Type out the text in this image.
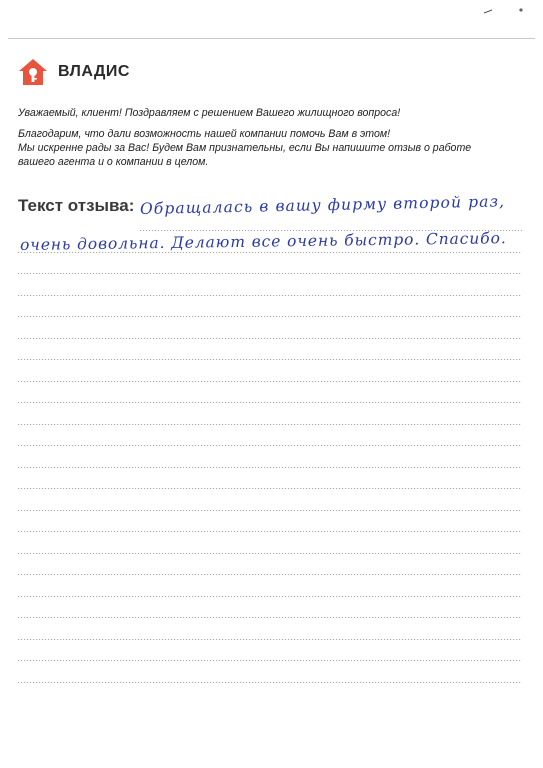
ВЛАДИС

Уважаемый, клиент! Поздравляем с решением Вашего жилищного вопроса!

Благодарим, что дали возможность нашей компании помочь Вам в этом!

Мы искренне рады за Вас! Будем Вам признательны, если Вы напишите отзыв о работе

вашего агента и о компании в целом.

Текст отзыва: Обращалась в вашу фирму второй раз,
очень довольна. Делают все очень быстро. Спасибо.
